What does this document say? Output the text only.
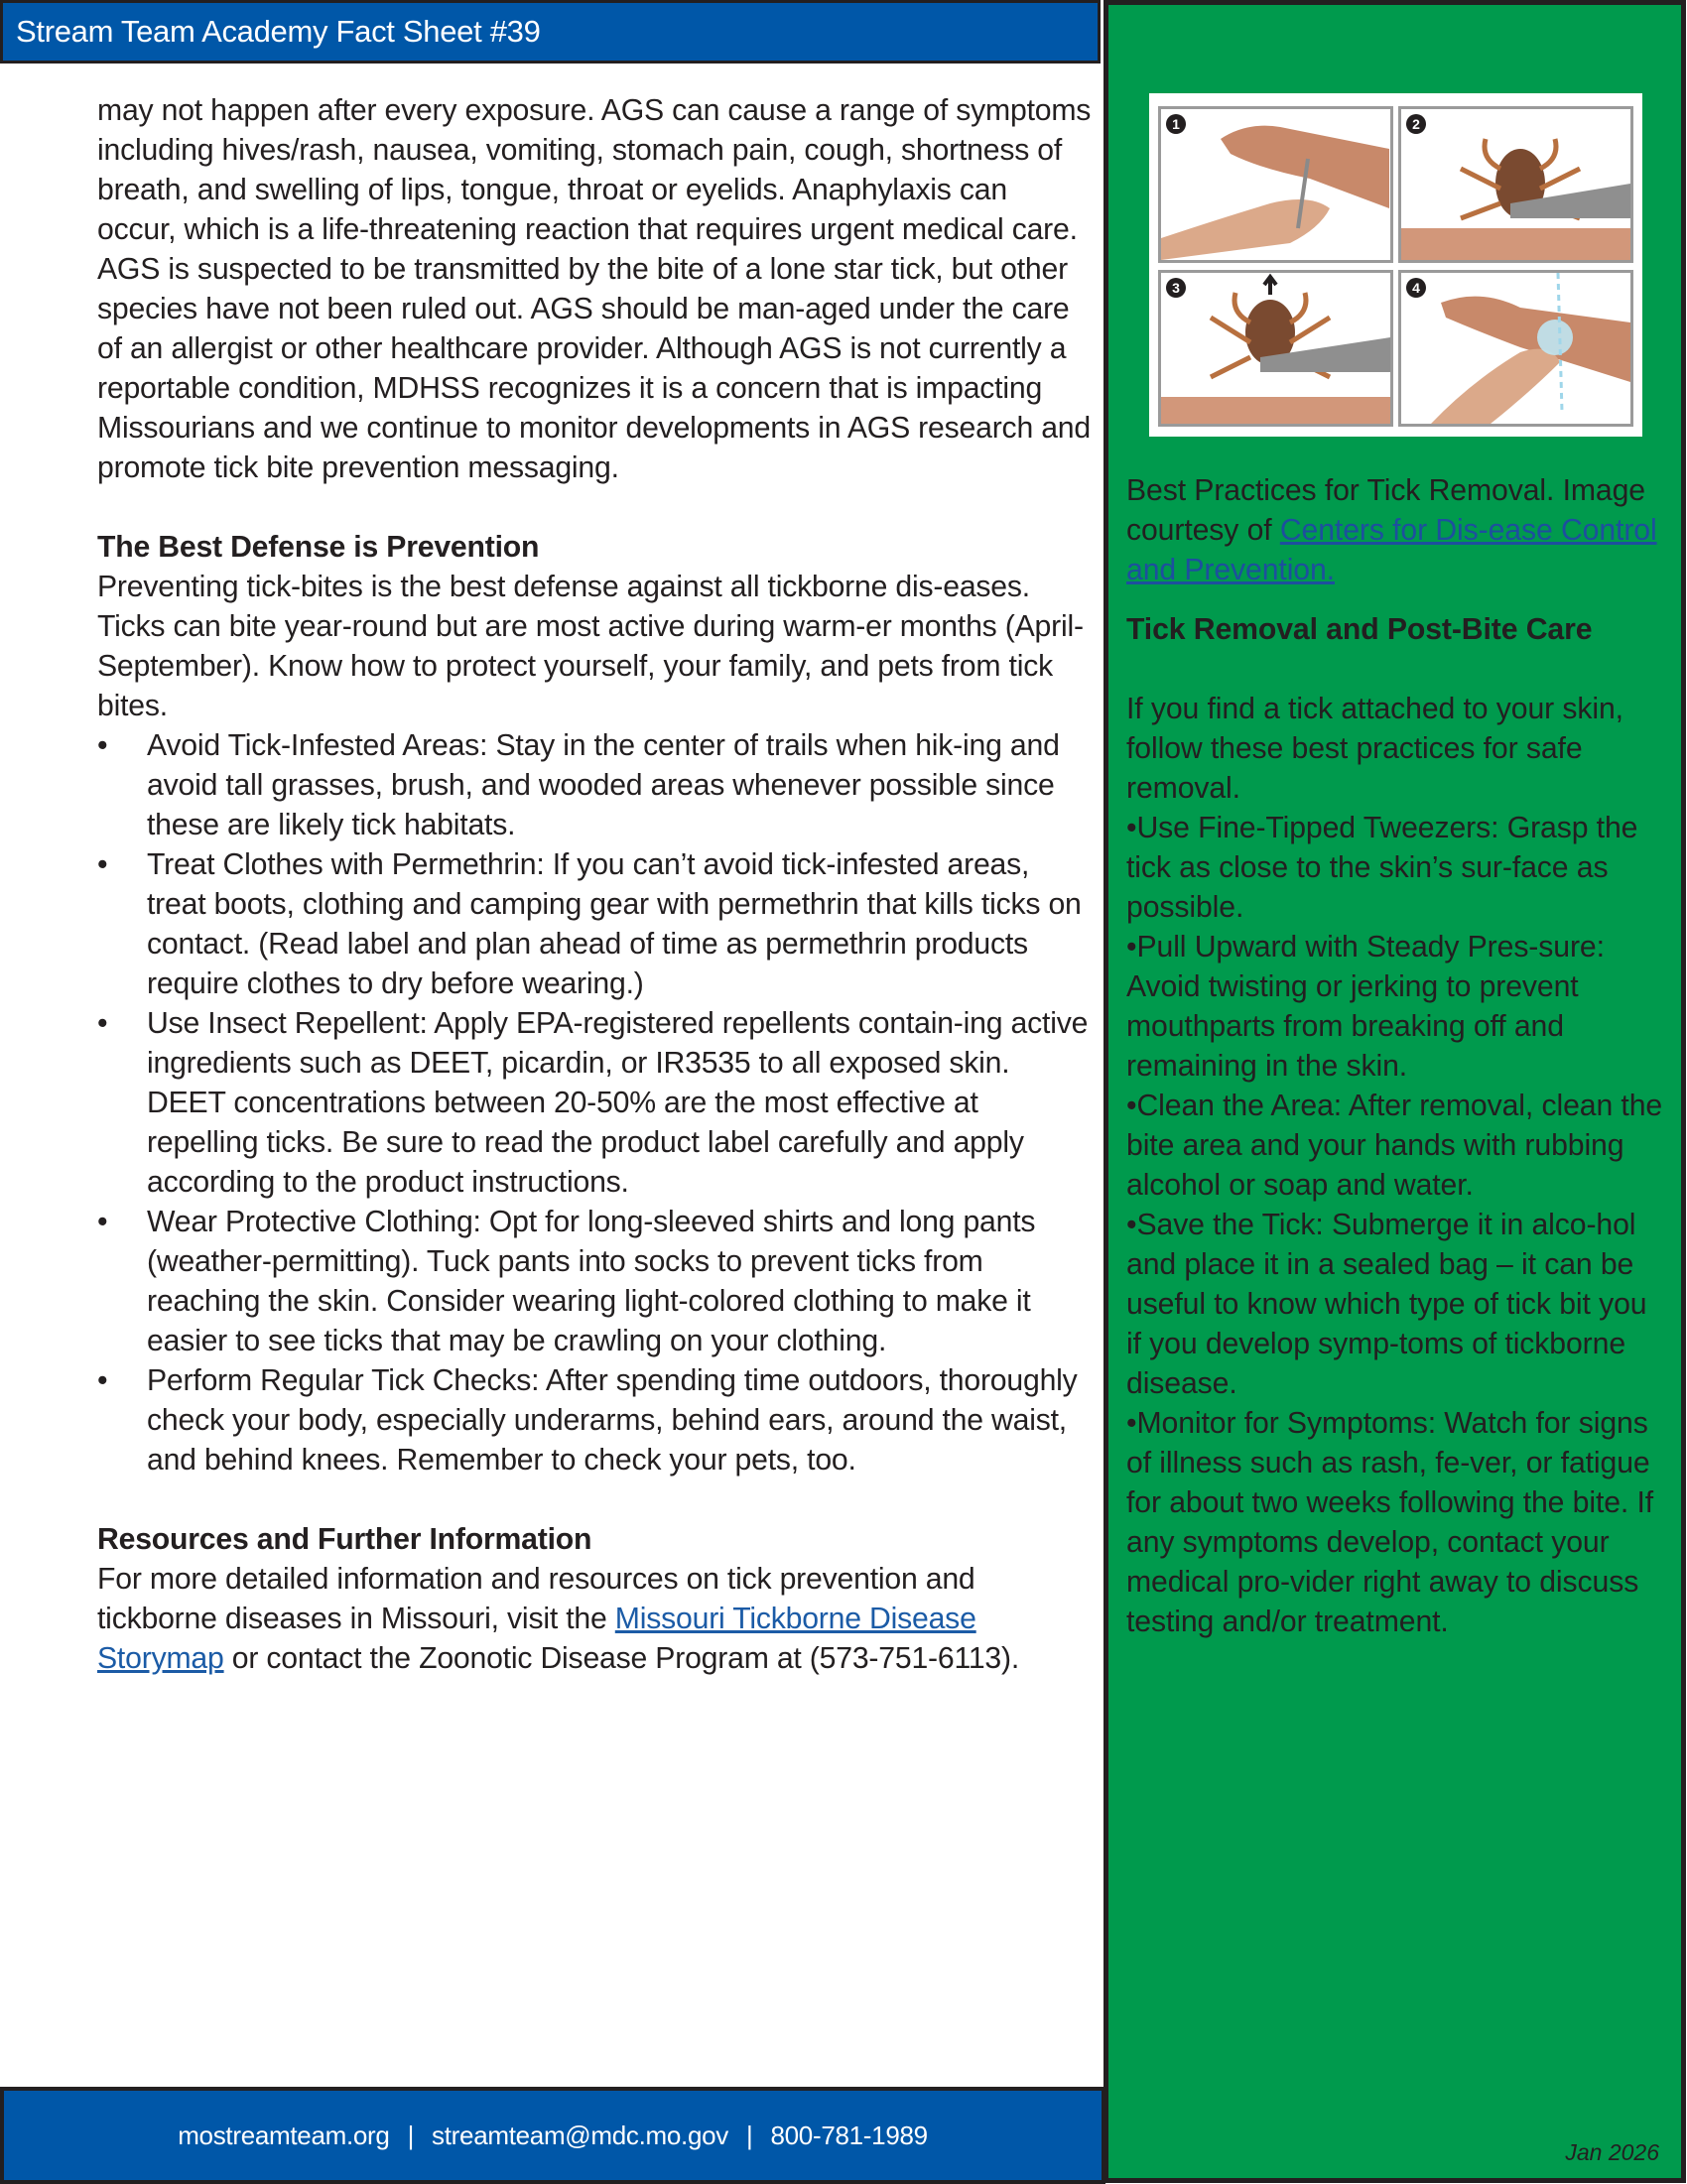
Stream Team Academy Fact Sheet #39

may not happen after every exposure. AGS can cause a range of symptoms including hives/rash, nausea, vomiting, stomach pain, cough, shortness of breath, and swelling of lips, tongue, throat or eyelids. Anaphylaxis can occur, which is a life-threatening reaction that requires urgent medical care.

AGS is suspected to be transmitted by the bite of a lone star tick, but other species have not been ruled out. AGS should be man-aged under the care of an allergist or other healthcare provider. Although AGS is not currently a reportable condition, MDHSS recognizes it is a concern that is impacting Missourians and we continue to monitor developments in AGS research and promote tick bite prevention messaging.

The Best Defense is Prevention

Preventing tick-bites is the best defense against all tickborne dis-eases. Ticks can bite year-round but are most active during warm-er months (April-September). Know how to protect yourself, your family, and pets from tick bites.

• Avoid Tick-Infested Areas: Stay in the center of trails when hik-ing and avoid tall grasses, brush, and wooded areas whenever possible since these are likely tick habitats.
• Treat Clothes with Permethrin: If you can’t avoid tick-infested areas, treat boots, clothing and camping gear with permethrin that kills ticks on contact. (Read label and plan ahead of time as permethrin products require clothes to dry before wearing.)
• Use Insect Repellent: Apply EPA-registered repellents contain-ing active ingredients such as DEET, picardin, or IR3535 to all exposed skin. DEET concentrations between 20-50% are the most effective at repelling ticks. Be sure to read the product label carefully and apply according to the product instructions.
• Wear Protective Clothing: Opt for long-sleeved shirts and long pants (weather-permitting). Tuck pants into socks to prevent ticks from reaching the skin. Consider wearing light-colored clothing to make it easier to see ticks that may be crawling on your clothing.
• Perform Regular Tick Checks: After spending time outdoors, thoroughly check your body, especially underarms, behind ears, around the waist, and behind knees. Remember to check your pets, too.
Resources and Further Information

For more detailed information and resources on tick prevention and tickborne diseases in Missouri, visit the Missouri Tickborne Disease Storymap or contact the Zoonotic Disease Program at (573-751-6113).

1	2
3	4

Best Practices for Tick Removal. Image courtesy of Centers for Dis-ease Control and Prevention.

Tick Removal and Post-Bite Care

If you find a tick attached to your skin, follow these best practices for safe removal.

•Use Fine-Tipped Tweezers: Grasp the tick as close to the skin’s sur-face as possible.

•Pull Upward with Steady Pres-sure: Avoid twisting or jerking to prevent mouthparts from breaking off and remaining in the skin.

•Clean the Area: After removal, clean the bite area and your hands with rubbing alcohol or soap and water.

•Save the Tick: Submerge it in alco-hol and place it in a sealed bag – it can be useful to know which type of tick bit you if you develop symp-toms of tickborne disease.

•Monitor for Symptoms: Watch for signs of illness such as rash, fe-ver, or fatigue for about two weeks following the bite. If any symptoms develop, contact your medical pro-vider right away to discuss testing and/or treatment.

Jan 2026
mostreamteam.org | streamteam@mdc.mo.gov | 800-781-1989
